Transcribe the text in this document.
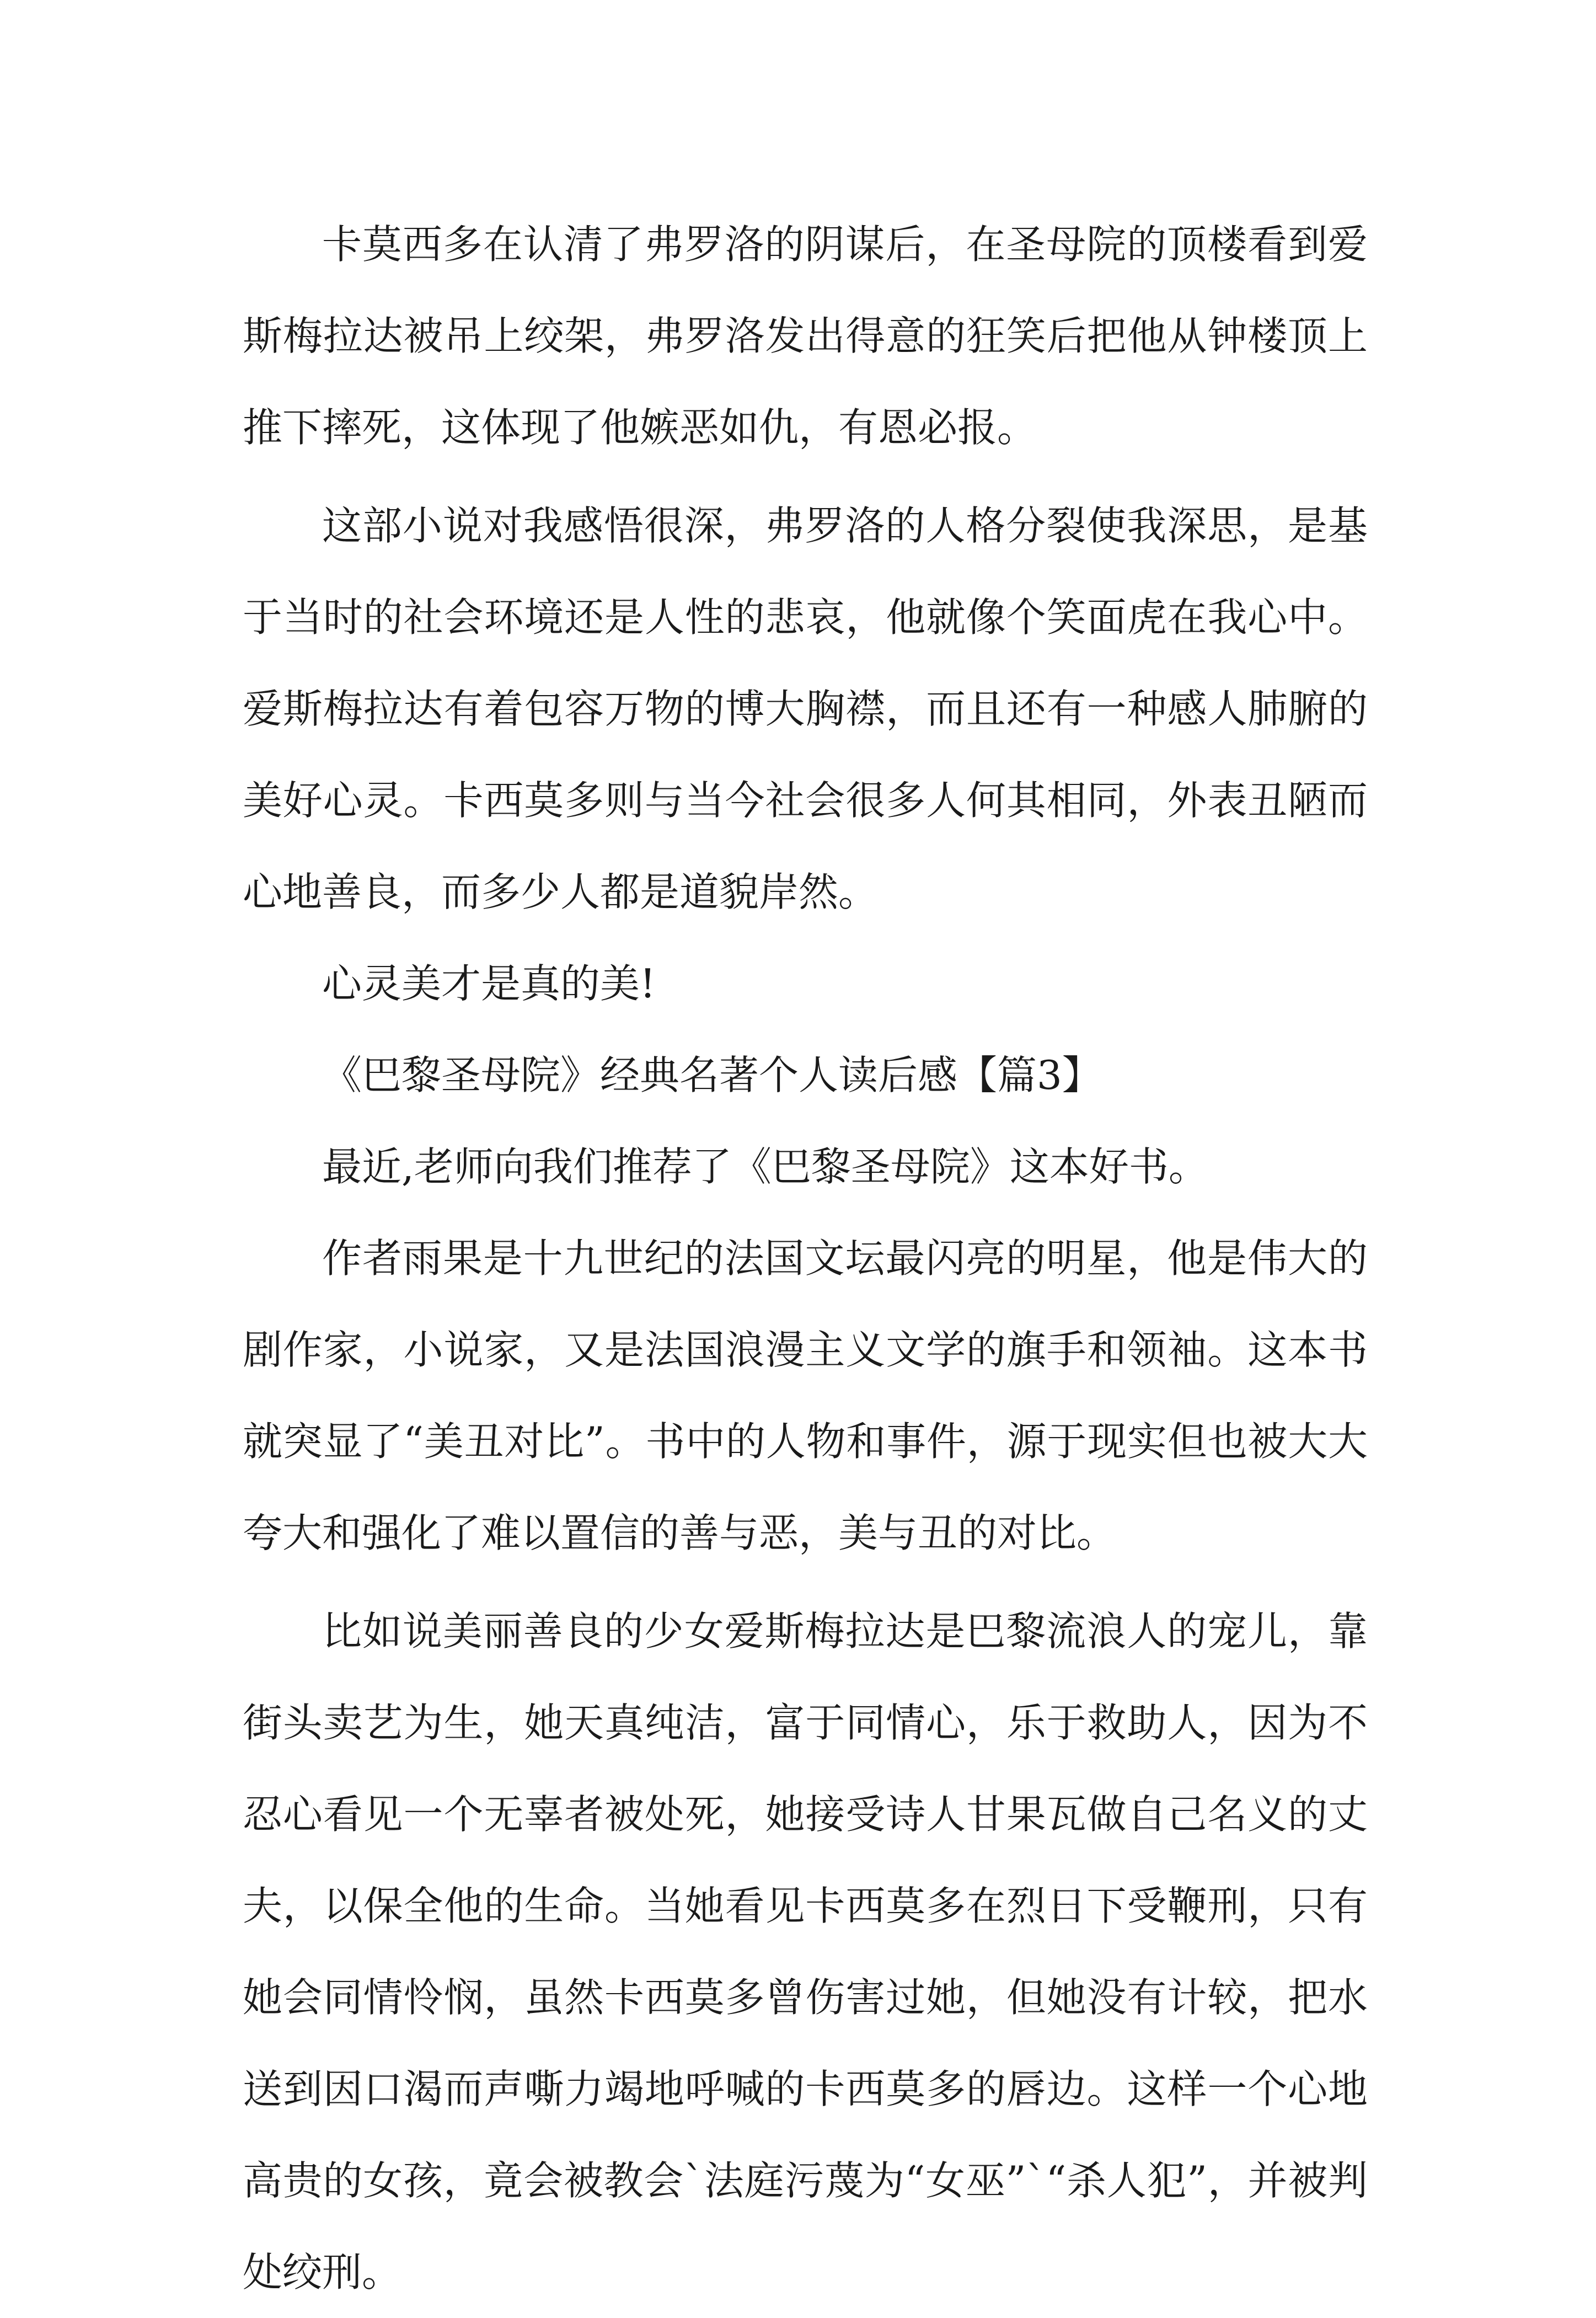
卡莫西多在认清了弗罗洛的阴谋后，在圣母院的顶楼看到爱斯梅拉达被吊上绞架，弗罗洛发出得意的狂笑后把他从钟楼顶上推下摔死，这体现了他嫉恶如仇，有恩必报。

这部小说对我感悟很深，弗罗洛的人格分裂使我深思，是基于当时的社会环境还是人性的悲哀，他就像个笑面虎在我心中。爱斯梅拉达有着包容万物的博大胸襟，而且还有一种感人肺腑的美好心灵。卡西莫多则与当今社会很多人何其相同，外表丑陋而心地善良，而多少人都是道貌岸然。

心灵美才是真的美!

《巴黎圣母院》经典名著个人读后感【篇3】

最近,老师向我们推荐了《巴黎圣母院》这本好书。

作者雨果是十九世纪的法国文坛最闪亮的明星，他是伟大的剧作家，小说家，又是法国浪漫主义文学的旗手和领袖。这本书就突显了“美丑对比”。书中的人物和事件，源于现实但也被大大夸大和强化了难以置信的善与恶，美与丑的对比。

比如说美丽善良的少女爱斯梅拉达是巴黎流浪人的宠儿，靠街头卖艺为生，她天真纯洁，富于同情心，乐于救助人，因为不忍心看见一个无辜者被处死，她接受诗人甘果瓦做自己名义的丈夫，以保全他的生命。当她看见卡西莫多在烈日下受鞭刑，只有她会同情怜悯，虽然卡西莫多曾伤害过她，但她没有计较，把水送到因口渴而声嘶力竭地呼喊的卡西莫多的唇边。这样一个心地高贵的女孩，竟会被教会`法庭污蔑为“女巫”`“杀人犯”，并被判处绞刑。
